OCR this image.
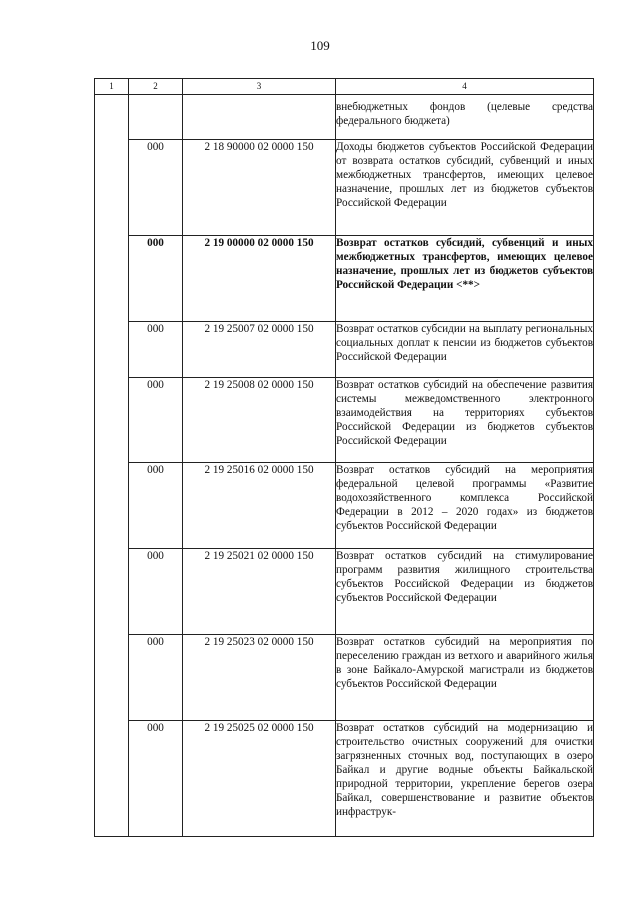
109
1	2	3	4
			внебюджетных фондов (целевые средства федерального бюджета)
	000	2 18 90000 02 0000 150	Доходы бюджетов субъектов Российской Федерации от возврата остатков субсидий, субвенций и иных межбюджетных трансфертов, имеющих целевое назначение, прошлых лет из бюджетов субъектов Российской Федерации
	000	2 19 00000 02 0000 150	Возврат остатков субсидий, субвенций и иных межбюджетных трансфертов, имеющих целевое назначение, прошлых лет из бюджетов субъектов Российской Федерации <**>
	000	2 19 25007 02 0000 150	Возврат остатков субсидии на выплату региональных социальных доплат к пенсии из бюджетов субъектов Российской Федерации
	000	2 19 25008 02 0000 150	Возврат остатков субсидий на обеспечение развития системы межведомственного электронного взаимодействия на территориях субъектов Российской Федерации из бюджетов субъектов Российской Федерации
	000	2 19 25016 02 0000 150	Возврат остатков субсидий на мероприятия федеральной целевой программы «Развитие водохозяйственного комплекса Российской Федерации в 2012 – 2020 годах» из бюджетов субъектов Российской Федерации
	000	2 19 25021 02 0000 150	Возврат остатков субсидий на стимулирование программ развития жилищного строительства субъектов Российской Федерации из бюджетов субъектов Российской Федерации
	000	2 19 25023 02 0000 150	Возврат остатков субсидий на мероприятия по переселению граждан из ветхого и аварийного жилья в зоне Байкало-Амурской магистрали из бюджетов субъектов Российской Федерации
	000	2 19 25025 02 0000 150	Возврат остатков субсидий на модернизацию и строительство очистных сооружений для очистки загрязненных сточных вод, поступающих в озеро Байкал и другие водные объекты Байкальской природной территории, укрепление берегов озера Байкал, совершенствование и развитие объектов инфраструк-
